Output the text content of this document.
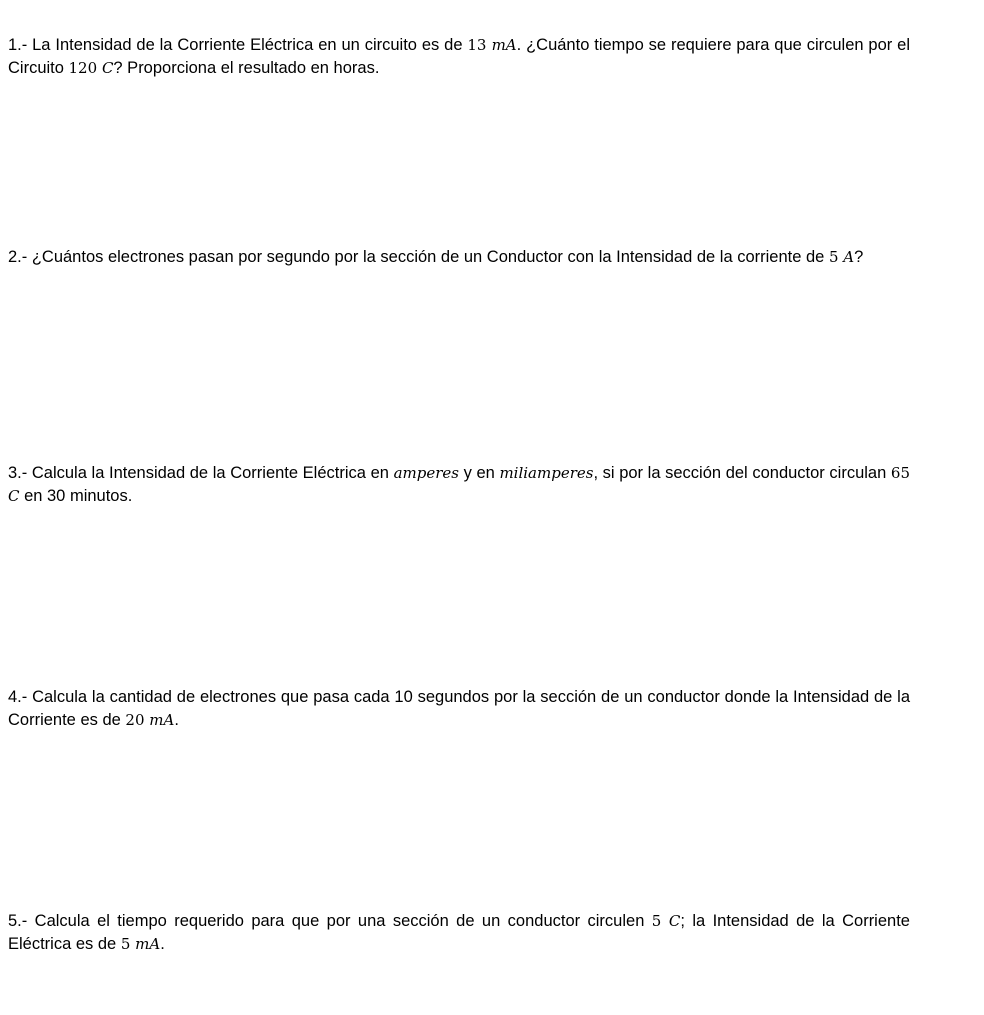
1.- La Intensidad de la Corriente Eléctrica en un circuito es de 13 mA. ¿Cuánto tiempo se requiere para que circulen por el Circuito 120 C? Proporciona el resultado en horas.

2.- ¿Cuántos electrones pasan por segundo por la sección de un Conductor con la Intensidad de la corriente de 5 A?

3.- Calcula la Intensidad de la Corriente Eléctrica en amperes y en miliamperes, si por la sección del conductor circulan 65 C en 30 minutos.

4.- Calcula la cantidad de electrones que pasa cada 10 segundos por la sección de un conductor donde la Intensidad de la Corriente es de 20 mA.

5.- Calcula el tiempo requerido para que por una sección de un conductor circulen 5 C; la Intensidad de la Corriente Eléctrica es de 5 mA.
